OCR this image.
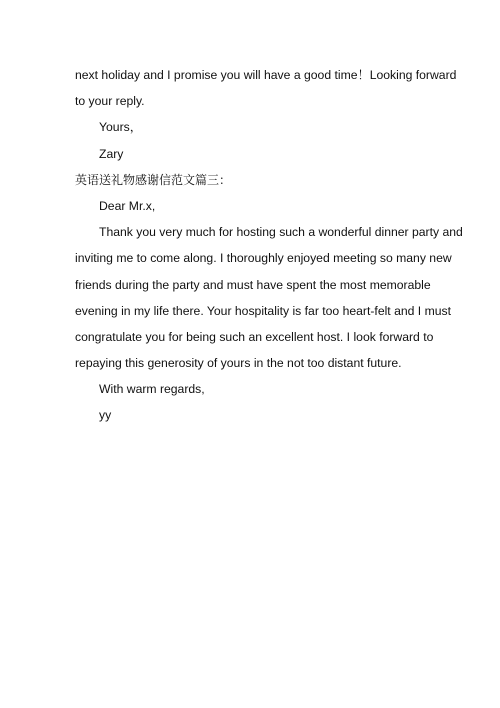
next holiday and I promise you will have a good time！Looking forward
to your reply.
Yours，
Zary
英语送礼物感谢信范文篇三：
Dear Mr.x,
Thank you very much for hosting such a wonderful dinner party and
inviting me to come along. I thoroughly enjoyed meeting so many new
friends during the party and must have spent the most memorable
evening in my life there. Your hospitality is far too heart-felt and I must
congratulate you for being such an excellent host. I look forward to
repaying this generosity of yours in the not too distant future.
With warm regards,
yy
